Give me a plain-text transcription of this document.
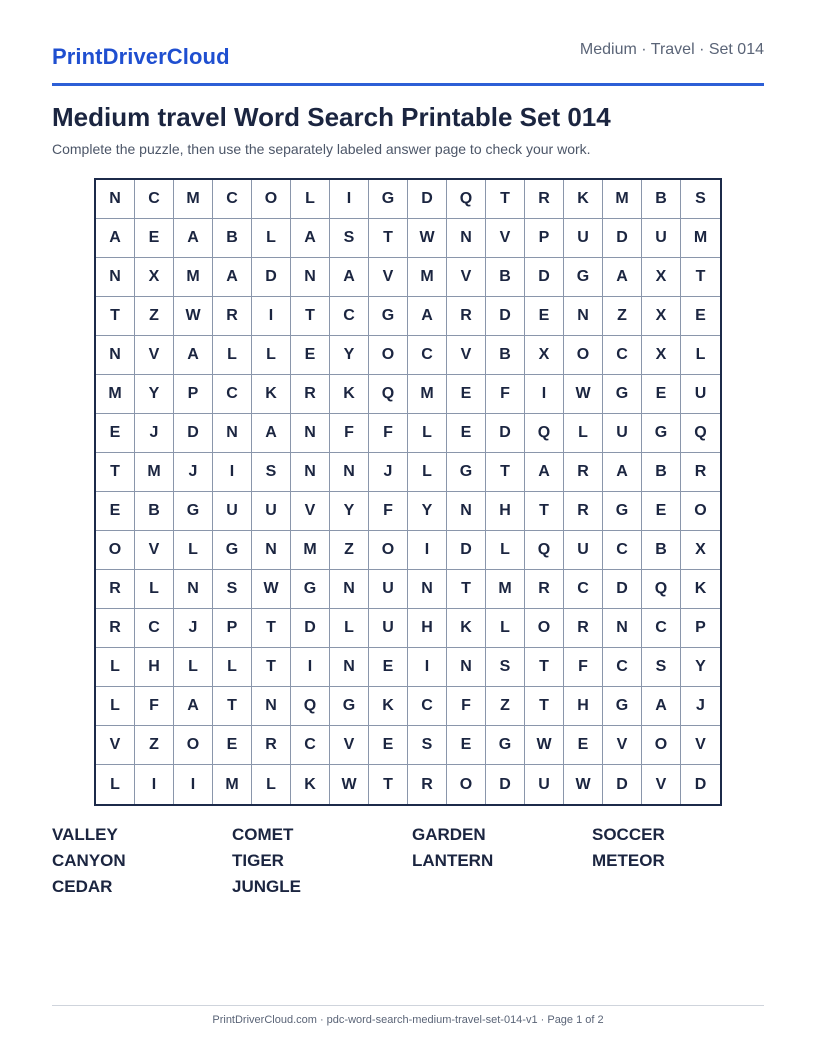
PrintDriverCloud	Medium · Travel · Set 014
Medium travel Word Search Printable Set 014

Complete the puzzle, then use the separately labeled answer page to check your work.

N	C	M	C	O	L	I	G	D	Q	T	R	K	M	B	S
A	E	A	B	L	A	S	T	W	N	V	P	U	D	U	M
N	X	M	A	D	N	A	V	M	V	B	D	G	A	X	T
T	Z	W	R	I	T	C	G	A	R	D	E	N	Z	X	E
N	V	A	L	L	E	Y	O	C	V	B	X	O	C	X	L
M	Y	P	C	K	R	K	Q	M	E	F	I	W	G	E	U
E	J	D	N	A	N	F	F	L	E	D	Q	L	U	G	Q
T	M	J	I	S	N	N	J	L	G	T	A	R	A	B	R
E	B	G	U	U	V	Y	F	Y	N	H	T	R	G	E	O
O	V	L	G	N	M	Z	O	I	D	L	Q	U	C	B	X
R	L	N	S	W	G	N	U	N	T	M	R	C	D	Q	K
R	C	J	P	T	D	L	U	H	K	L	O	R	N	C	P
L	H	L	L	T	I	N	E	I	N	S	T	F	C	S	Y
L	F	A	T	N	Q	G	K	C	F	Z	T	H	G	A	J
V	Z	O	E	R	C	V	E	S	E	G	W	E	V	O	V
L	I	I	M	L	K	W	T	R	O	D	U	W	D	V	D
VALLEY	COMET	GARDEN	SOCCER
CANYON	TIGER	LANTERN	METEOR
CEDAR	JUNGLE
PrintDriverCloud.com · pdc-word-search-medium-travel-set-014-v1 · Page 1 of 2
